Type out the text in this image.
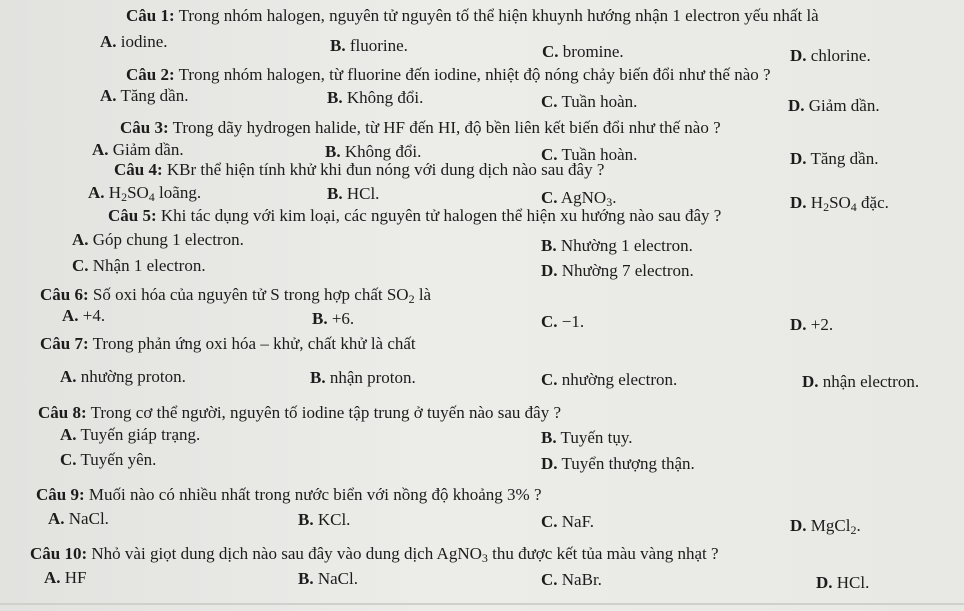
Câu 1: Trong nhóm halogen, nguyên tử nguyên tố thể hiện khuynh hướng nhận 1 electron yếu nhất là
A. iodine.	B. fluorine.	C. bromine.	D. chlorine.
Câu 2: Trong nhóm halogen, từ fluorine đến iodine, nhiệt độ nóng chảy biến đổi như thế nào ?
A. Tăng dần.	B. Không đổi.	C. Tuần hoàn.	D. Giảm dần.
Câu 3: Trong dãy hydrogen halide, từ HF đến HI, độ bền liên kết biến đổi như thế nào ?
A. Giảm dần.	B. Không đổi.	C. Tuần hoàn.	D. Tăng dần.
Câu 4: KBr thể hiện tính khử khi đun nóng với dung dịch nào sau đây ?
A. $H_2SO_4$ loãng.	B. HCl.	C. AgNO$_3$.	D. $H_2SO_4$ đặc.
Câu 5: Khi tác dụng với kim loại, các nguyên tử halogen thể hiện xu hướng nào sau đây ?
A. Góp chung 1 electron.	B. Nhường 1 electron.
C. Nhận 1 electron.	D. Nhường 7 electron.
Câu 6: Số oxi hóa của nguyên tử S trong hợp chất $SO_2$ là
A. +4.	B. +6.	C. −1.	D. +2.
Câu 7: Trong phản ứng oxi hóa – khử, chất khử là chất
A. nhường proton.	B. nhận proton.	C. nhường electron.	D. nhận electron.
Câu 8: Trong cơ thể người, nguyên tố iodine tập trung ở tuyến nào sau đây ?
A. Tuyến giáp trạng.	B. Tuyến tụy.
C. Tuyến yên.	D. Tuyển thượng thận.
Câu 9: Muối nào có nhiều nhất trong nước biển với nồng độ khoảng 3% ?
A. NaCl.	B. KCl.	C. NaF.	D. MgCl$_2$.
Câu 10: Nhỏ vài giọt dung dịch nào sau đây vào dung dịch AgNO$_3$ thu được kết tủa màu vàng nhạt ?
A. HF	B. NaCl.	C. NaBr.	D. HCl.
